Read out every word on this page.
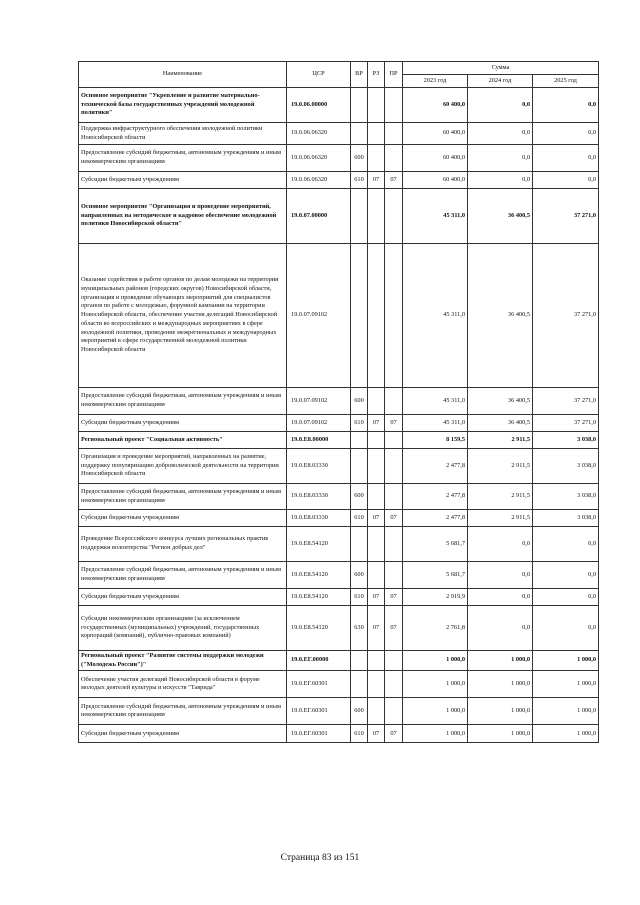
Наименование	ЦСР	ВР	РЗ	ПР	Сумма		
					2023 год	2024 год	2025 год
Основное мероприятие "Укрепление и развитие материально-технической базы государственных учреждений молодежной политики"	19.0.06.00000				60 400,0	0,0	0,0
Поддержка инфраструктурного обеспечения молодежной политики Новосибирской области	19.0.06.06320				60 400,0	0,0	0,0
Предоставление субсидий бюджетным, автономным учреждениям и иным некоммерческим организациям	19.0.06.06320	600			60 400,0	0,0	0,0
Субсидии бюджетным учреждениям	19.0.06.06320	610	07	07	60 400,0	0,0	0,0
Основное мероприятие "Организация и проведение мероприятий, направленных на методическое и кадровое обеспечение молодежной политики Новосибирской области"	19.0.07.00000				45 311,0	36 400,5	37 271,0
Оказание содействия в работе органов по делам молодежи на территории муниципальных районов (городских округов) Новосибирской области, организация и проведение обучающих мероприятий для специалистов органов по работе с молодежью, форумной кампании на территории Новосибирской области, обеспечение участия делегаций Новосибирской области во всероссийских и международных мероприятиях в сфере молодежной политики, проведение межрегиональных и международных мероприятий в сфере государственной молодежной политики Новосибирской области	19.0.07.09102				45 311,0	36 400,5	37 271,0
Предоставление субсидий бюджетным, автономным учреждениям и иным некоммерческим организациям	19.0.07.09102	600			45 311,0	36 400,5	37 271,0
Субсидии бюджетным учреждениям	19.0.07.09102	610	07	07	45 311,0	36 400,5	37 271,0
Региональный проект "Социальная активность"	19.0.E8.00000				8 159,5	2 911,5	3 038,0
Организация и проведение мероприятий, направленных на развитие, поддержку популяризацию добровольческой деятельности на территории Новосибирской области	19.0.E8.03330				2 477,8	2 911,5	3 038,0
Предоставление субсидий бюджетным, автономным учреждениям и иным некоммерческим организациям	19.0.E8.03330	600			2 477,8	2 911,5	3 038,0
Субсидии бюджетным учреждениям	19.0.E8.03330	610	07	07	2 477,8	2 911,5	3 038,0
Проведение Всероссийского конкурса лучших региональных практик поддержки волонтерства "Регион добрых дел"	19.0.E8.54120				5 681,7	0,0	0,0
Предоставление субсидий бюджетным, автономным учреждениям и иным некоммерческим организациям	19.0.E8.54120	600			5 681,7	0,0	0,0
Субсидии бюджетным учреждениям	19.0.E8.54120	610	07	07	2 919,9	0,0	0,0
Субсидии некоммерческим организациям (за исключением государственных (муниципальных) учреждений, государственных корпораций (компаний), публично-правовых компаний)	19.0.E8.54120	630	07	07	2 761,8	0,0	0,0
Региональный проект "Развитие системы поддержки молодежи ("Молодежь России")"	19.0.ЕГ.00000				1 000,0	1 000,0	1 000,0
Обеспечение участия делегаций Новосибирской области в форуме молодых деятелей культуры и искусств "Таврида"	19.0.ЕГ.60301				1 000,0	1 000,0	1 000,0
Предоставление субсидий бюджетным, автономным учреждениям и иным некоммерческим организациям	19.0.ЕГ.60301	600			1 000,0	1 000,0	1 000,0
Субсидии бюджетным учреждениям	19.0.ЕГ.60301	610	07	07	1 000,0	1 000,0	1 000,0
Страница 83 из 151
